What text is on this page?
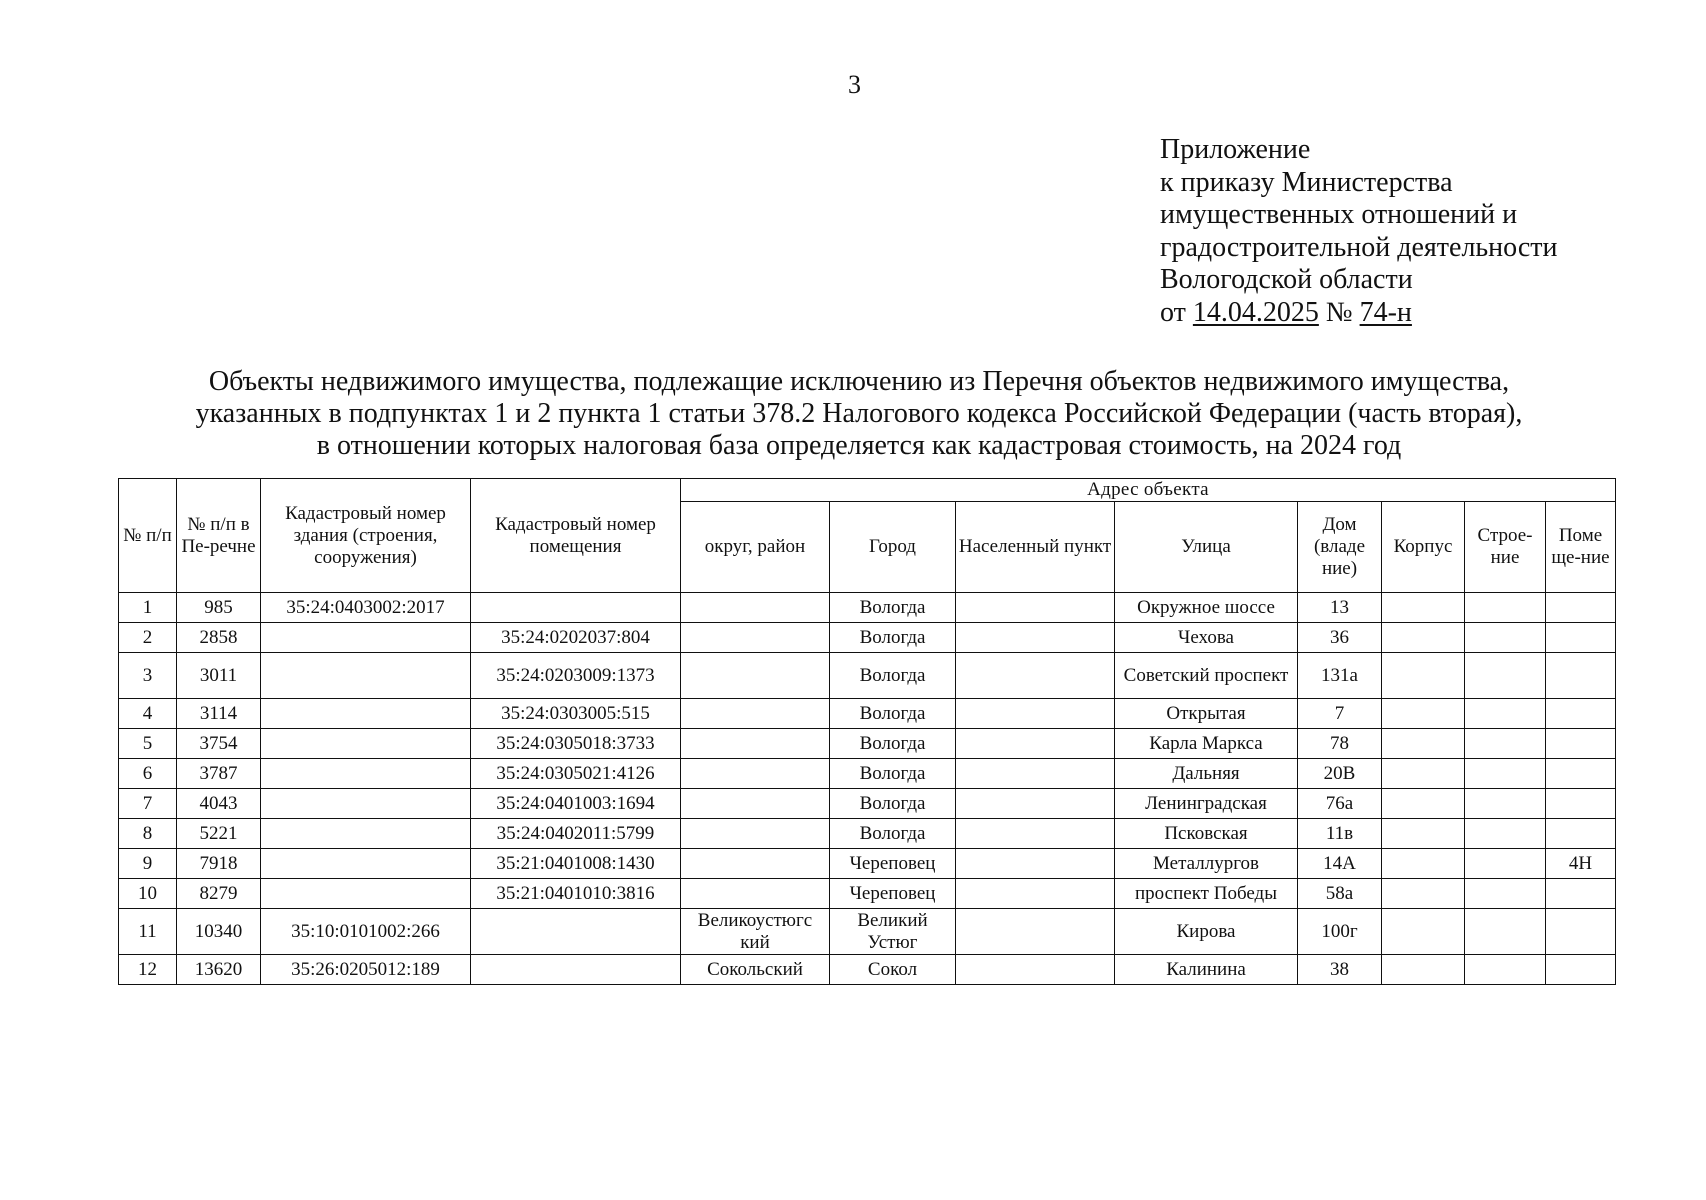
3
Приложение
к приказу Министерства
имущественных отношений и
градостроительной деятельности
Вологодской области
от 14.04.2025 № 74-н
Объекты недвижимого имущества, подлежащие исключению из Перечня объектов недвижимого имущества,
указанных в подпунктах 1 и 2 пункта 1 статьи 378.2 Налогового кодекса Российской Федерации (часть вторая),
в отношении которых налоговая база определяется как кадастровая стоимость, на 2024 год
№ п/п	№ п/п в Пе-речне	Кадастровый номер здания (строения, сооружения)	Кадастровый номер помещения	Адрес объекта							
				округ, район	Город	Населенный пункт	Улица	Дом (владе ние)	Корпус	Строе-ние	Поме ще-ние
1	985	35:24:0403002:2017			Вологда		Окружное шоссе	13			
2	2858		35:24:0202037:804		Вологда		Чехова	36			
3	3011		35:24:0203009:1373		Вологда		Советский проспект	131а			
4	3114		35:24:0303005:515		Вологда		Открытая	7			
5	3754		35:24:0305018:3733		Вологда		Карла Маркса	78			
6	3787		35:24:0305021:4126		Вологда		Дальняя	20В			
7	4043		35:24:0401003:1694		Вологда		Ленинградская	76а			
8	5221		35:24:0402011:5799		Вологда		Псковская	11в			
9	7918		35:21:0401008:1430		Череповец		Металлургов	14А			4Н
10	8279		35:21:0401010:3816		Череповец		проспект Победы	58а			
11	10340	35:10:0101002:266		Великоустюгс кий	Великий Устюг		Кирова	100г			
12	13620	35:26:0205012:189		Сокольский	Сокол		Калинина	38			
